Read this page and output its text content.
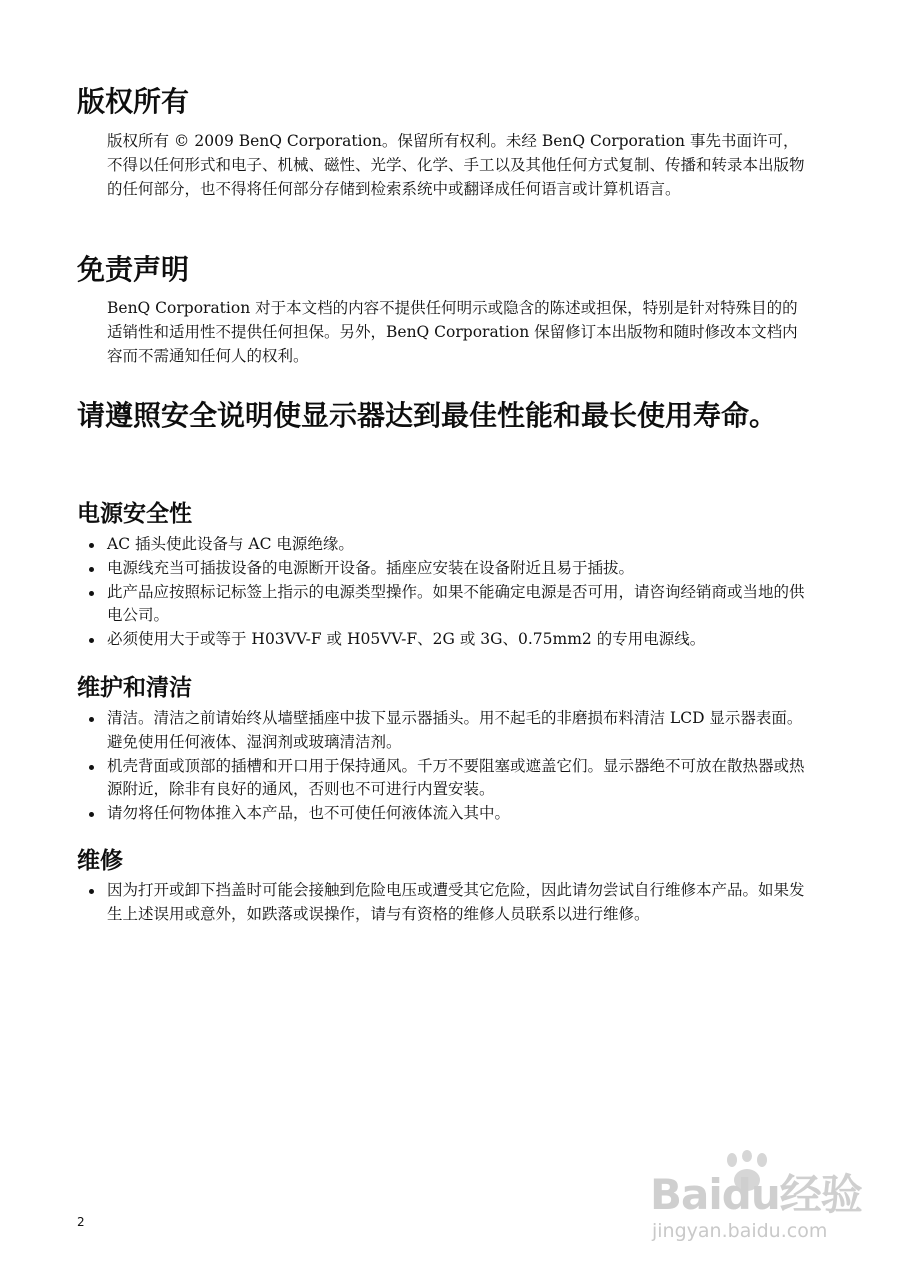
版权所有

版权所有 © 2009 BenQ Corporation。保留所有权利。未经 BenQ Corporation 事先书面许可，不得以任何形式和电子、机械、磁性、光学、化学、手工以及其他任何方式复制、传播和转录本出版物的任何部分，也不得将任何部分存储到检索系统中或翻译成任何语言或计算机语言。

免责声明

BenQ Corporation 对于本文档的内容不提供任何明示或隐含的陈述或担保，特别是针对特殊目的的适销性和适用性不提供任何担保。另外，BenQ Corporation 保留修订本出版物和随时修改本文档内容而不需通知任何人的权利。

请遵照安全说明使显示器达到最佳性能和最长使用寿命。
电源安全性
AC 插头使此设备与 AC 电源绝缘。
电源线充当可插拔设备的电源断开设备。插座应安装在设备附近且易于插拔。
此产品应按照标记标签上指示的电源类型操作。如果不能确定电源是否可用，请咨询经销商或当地的供电公司。
必须使用大于或等于 H03VV-F 或 H05VV-F、2G 或 3G、0.75mm2 的专用电源线。
维护和清洁
清洁。清洁之前请始终从墙壁插座中拔下显示器插头。用不起毛的非磨损布料清洁 LCD 显示器表面。避免使用任何液体、湿润剂或玻璃清洁剂。
机壳背面或顶部的插槽和开口用于保持通风。千万不要阻塞或遮盖它们。显示器绝不可放在散热器或热源附近，除非有良好的通风，否则也不可进行内置安装。
请勿将任何物体推入本产品，也不可使任何液体流入其中。
维修
因为打开或卸下挡盖时可能会接触到危险电压或遭受其它危险，因此请勿尝试自行维修本产品。如果发生上述误用或意外，如跌落或误操作，请与有资格的维修人员联系以进行维修。
2
Baidu经验
jingyan.baidu.com
